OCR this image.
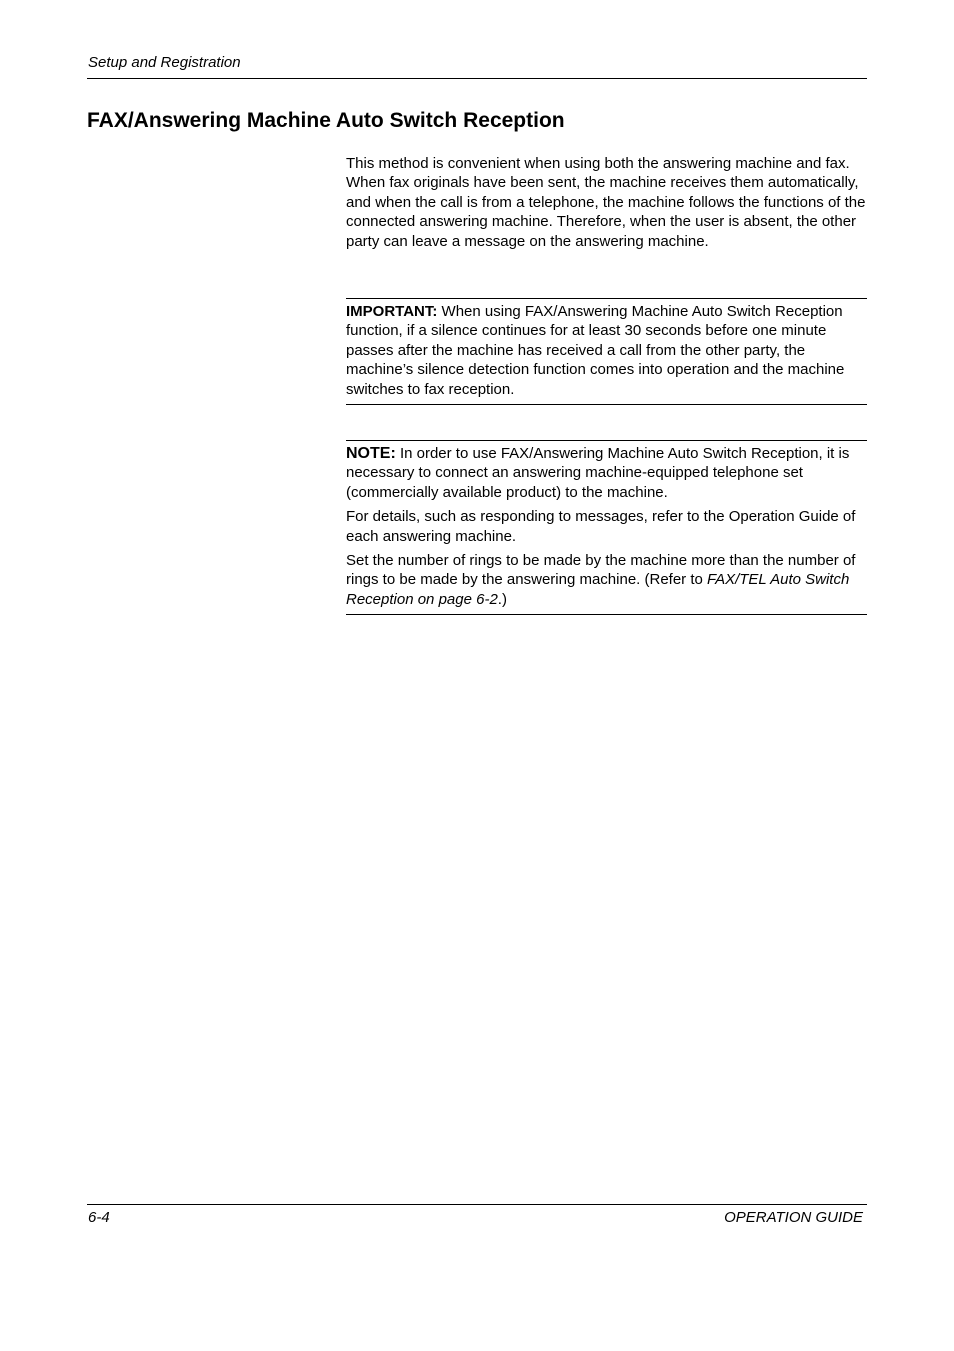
Setup and Registration
FAX/Answering Machine Auto Switch Reception

This method is convenient when using both the answering machine and fax. When fax originals have been sent, the machine receives them automatically, and when the call is from a telephone, the machine follows the functions of the connected answering machine. Therefore, when the user is absent, the other party can leave a message on the answering machine.

IMPORTANT: When using FAX/Answering Machine Auto Switch Reception function, if a silence continues for at least 30 seconds before one minute passes after the machine has received a call from the other party, the machine’s silence detection function comes into operation and the machine switches to fax reception.

NOTE: In order to use FAX/Answering Machine Auto Switch Reception, it is necessary to connect an answering machine-equipped telephone set (commercially available product) to the machine.

For details, such as responding to messages, refer to the Operation Guide of each answering machine.

Set the number of rings to be made by the machine more than the number of rings to be made by the answering machine. (Refer to FAX/TEL Auto Switch Reception on page 6-2.)

6-4	OPERATION GUIDE
